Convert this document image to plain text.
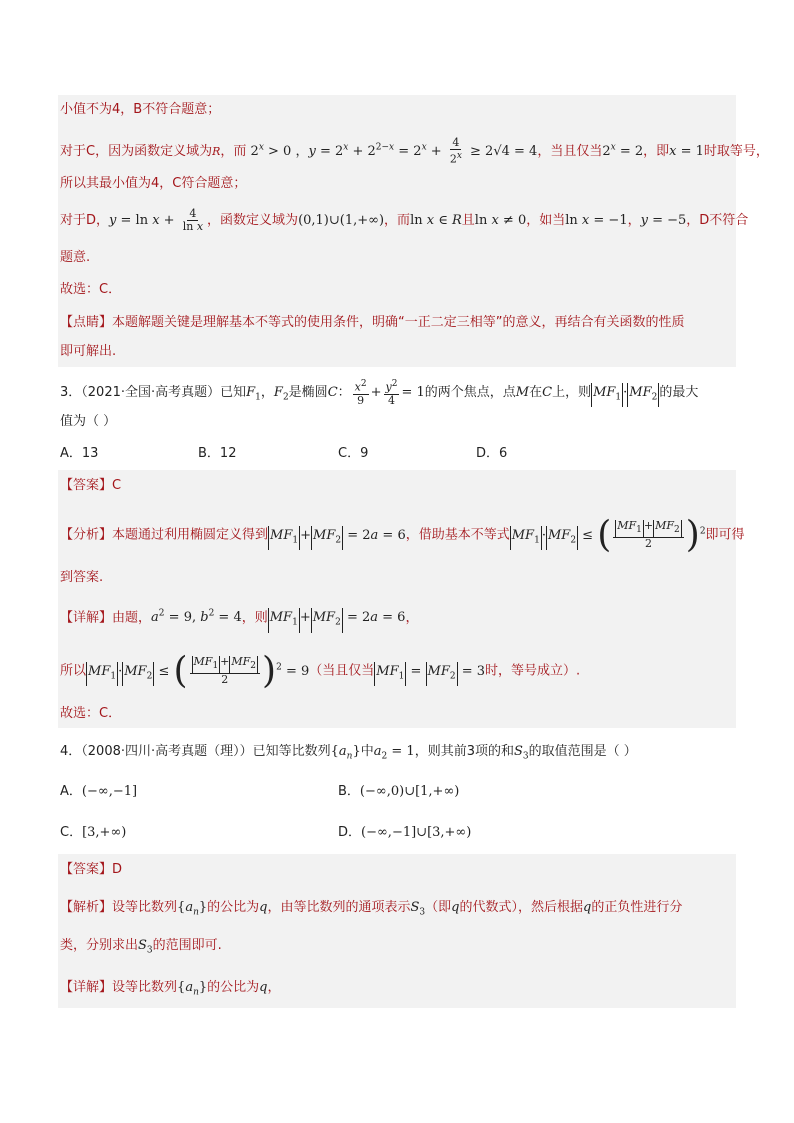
小值不为4，B不符合题意；
对于C，因为函数定义域为R，而 $2^x > 0$ ，$y = 2^x + 2^{2-x} = 2^x + \frac{4}{2^x} \ge 2√4 = 4$，当且仅当$2^x = 2$，即x = 1时取等号，
所以其最小值为4，C符合题意；
对于D，$y = \ln x + \frac{4}{\text{ln x}}$ ，函数定义域为(0,1)∪(1,+∞)，而ln x ∈ R且ln x ≠ 0，如当ln x = −1，y = −5，D不符合
题意.
故选：C．
【点睛】本题解题关键是理解基本不等式的使用条件，明确“一正二定三相等”的意义，再结合有关函数的性质
即可解出.
3．（2021·全国·高考真题）已知$F_1$，$F_2$是椭圆C： $\frac{x^2}{9} + \frac{y^2}{4} = 1$的两个焦点，点M在C上，则 $MF_1 \cdot MF_2$ 的最大
值为（ ）
A．13	B．12	C．9	D．6
【答案】C
【分析】本题通过利用椭圆定义得到 $MF_1 + MF_2 = 2a = 6$，借助基本不等式 $MF_1 \cdot MF_2$ ≤ ( $\frac{MF_1 + MF_2}{2} )^2$即可得
到答案.
【详解】由题，$a^2 = 9$, $b^2 = 4$，则 $MF_1 + MF_2 = 2a = 6$，
所以 $MF_1 \cdot MF_2$ ≤ ( $\frac{MF_1 + MF_2}{2} )^2 = 9$（当且仅当 $MF_1 = MF_2 = 3$时，等号成立）.
故选：C．
4．（2008·四川·高考真题（理））已知等比数列$\{a_n\}$中$a_2 = 1$，则其前3项的和$S_3$的取值范围是（ ）
A．(−∞,−1]	B．(−∞,0)∪[1,+∞)
C．[3,+∞)	D．(−∞,−1]∪[3,+∞)
【答案】D
【解析】设等比数列$\{a_n\}$的公比为q，由等比数列的通项表示$S_3$（即q的代数式），然后根据q的正负性进行分
类，分别求出$S_3$的范围即可.
【详解】设等比数列$\{a_n\}$的公比为q，
